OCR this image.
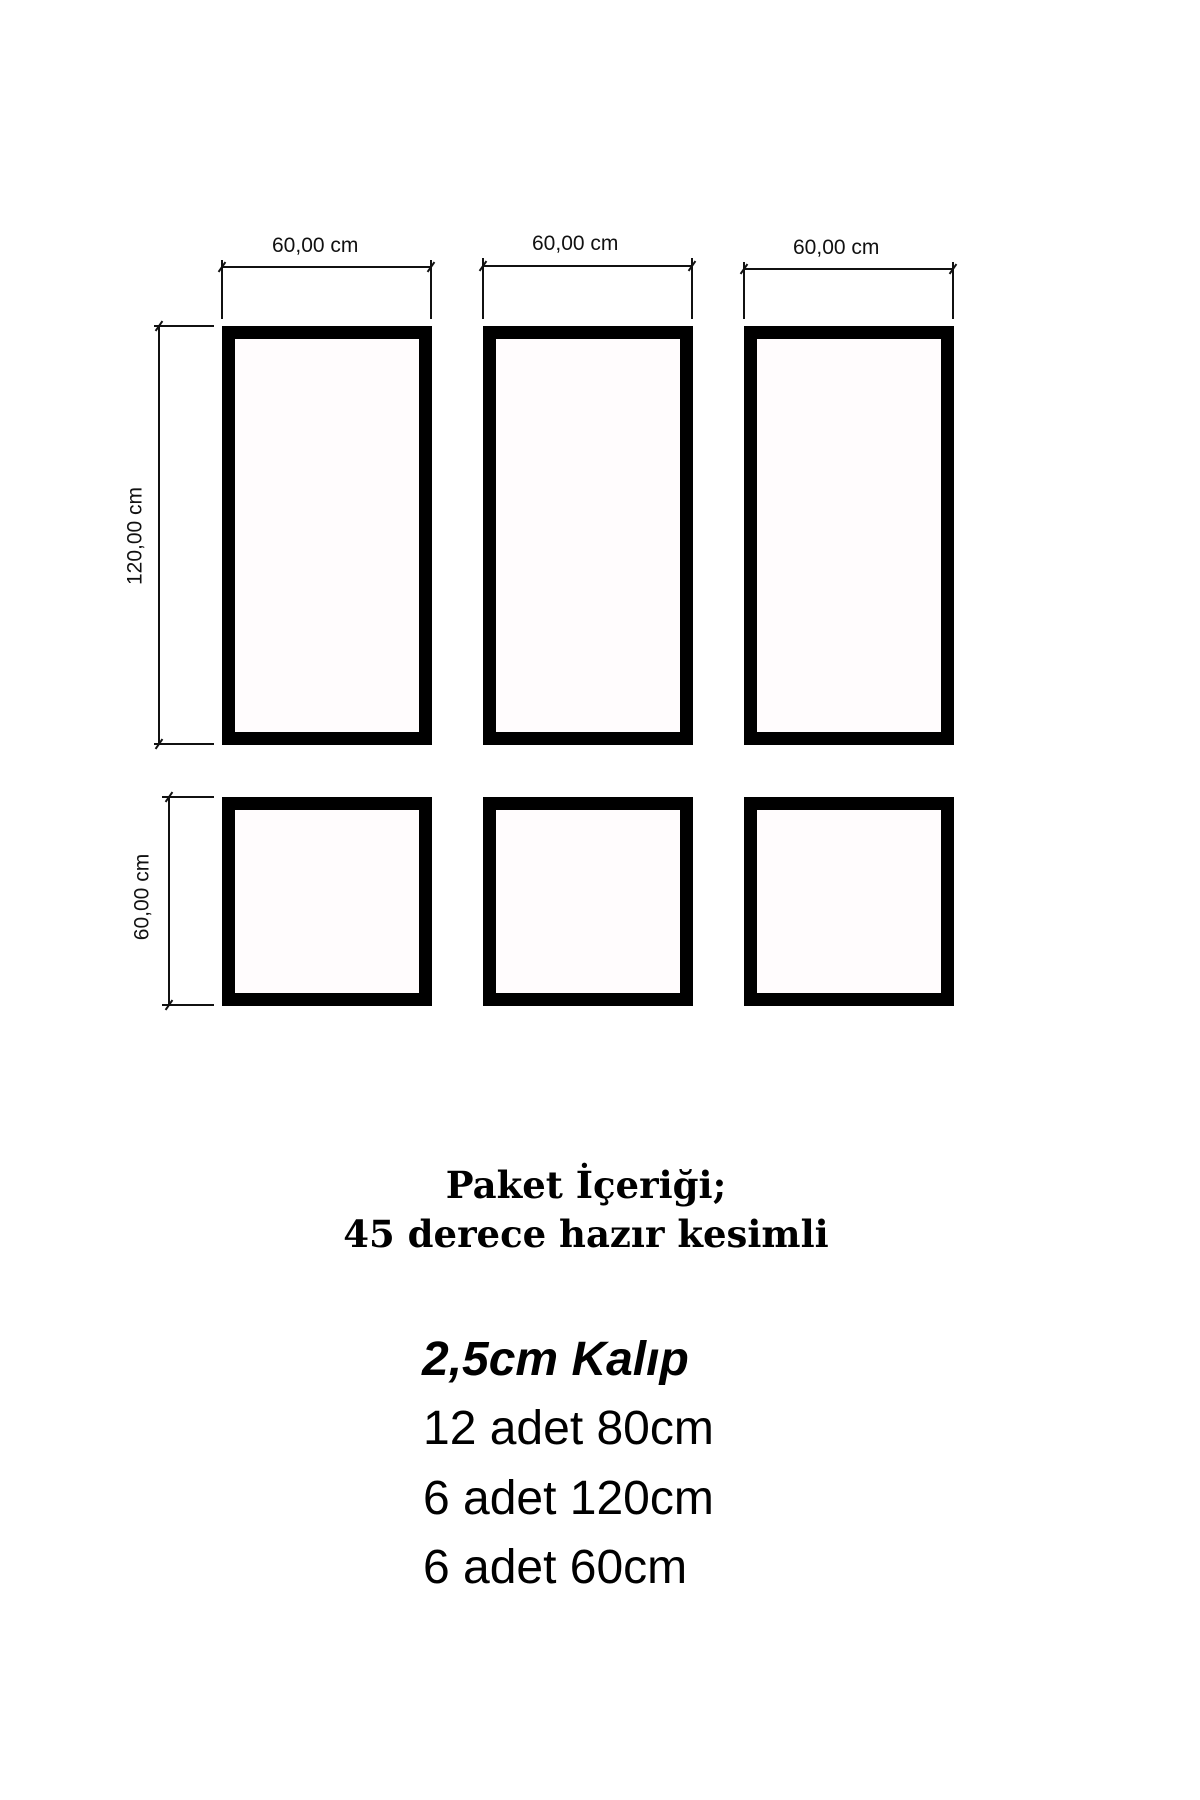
60,00 cm	60,00 cm	60,00 cm
120,00 cm
60,00 cm
Paket İçeriği;
45 derece hazır kesimli
2,5cm Kalıp
12 adet 80cm
6 adet 120cm
6 adet 60cm
